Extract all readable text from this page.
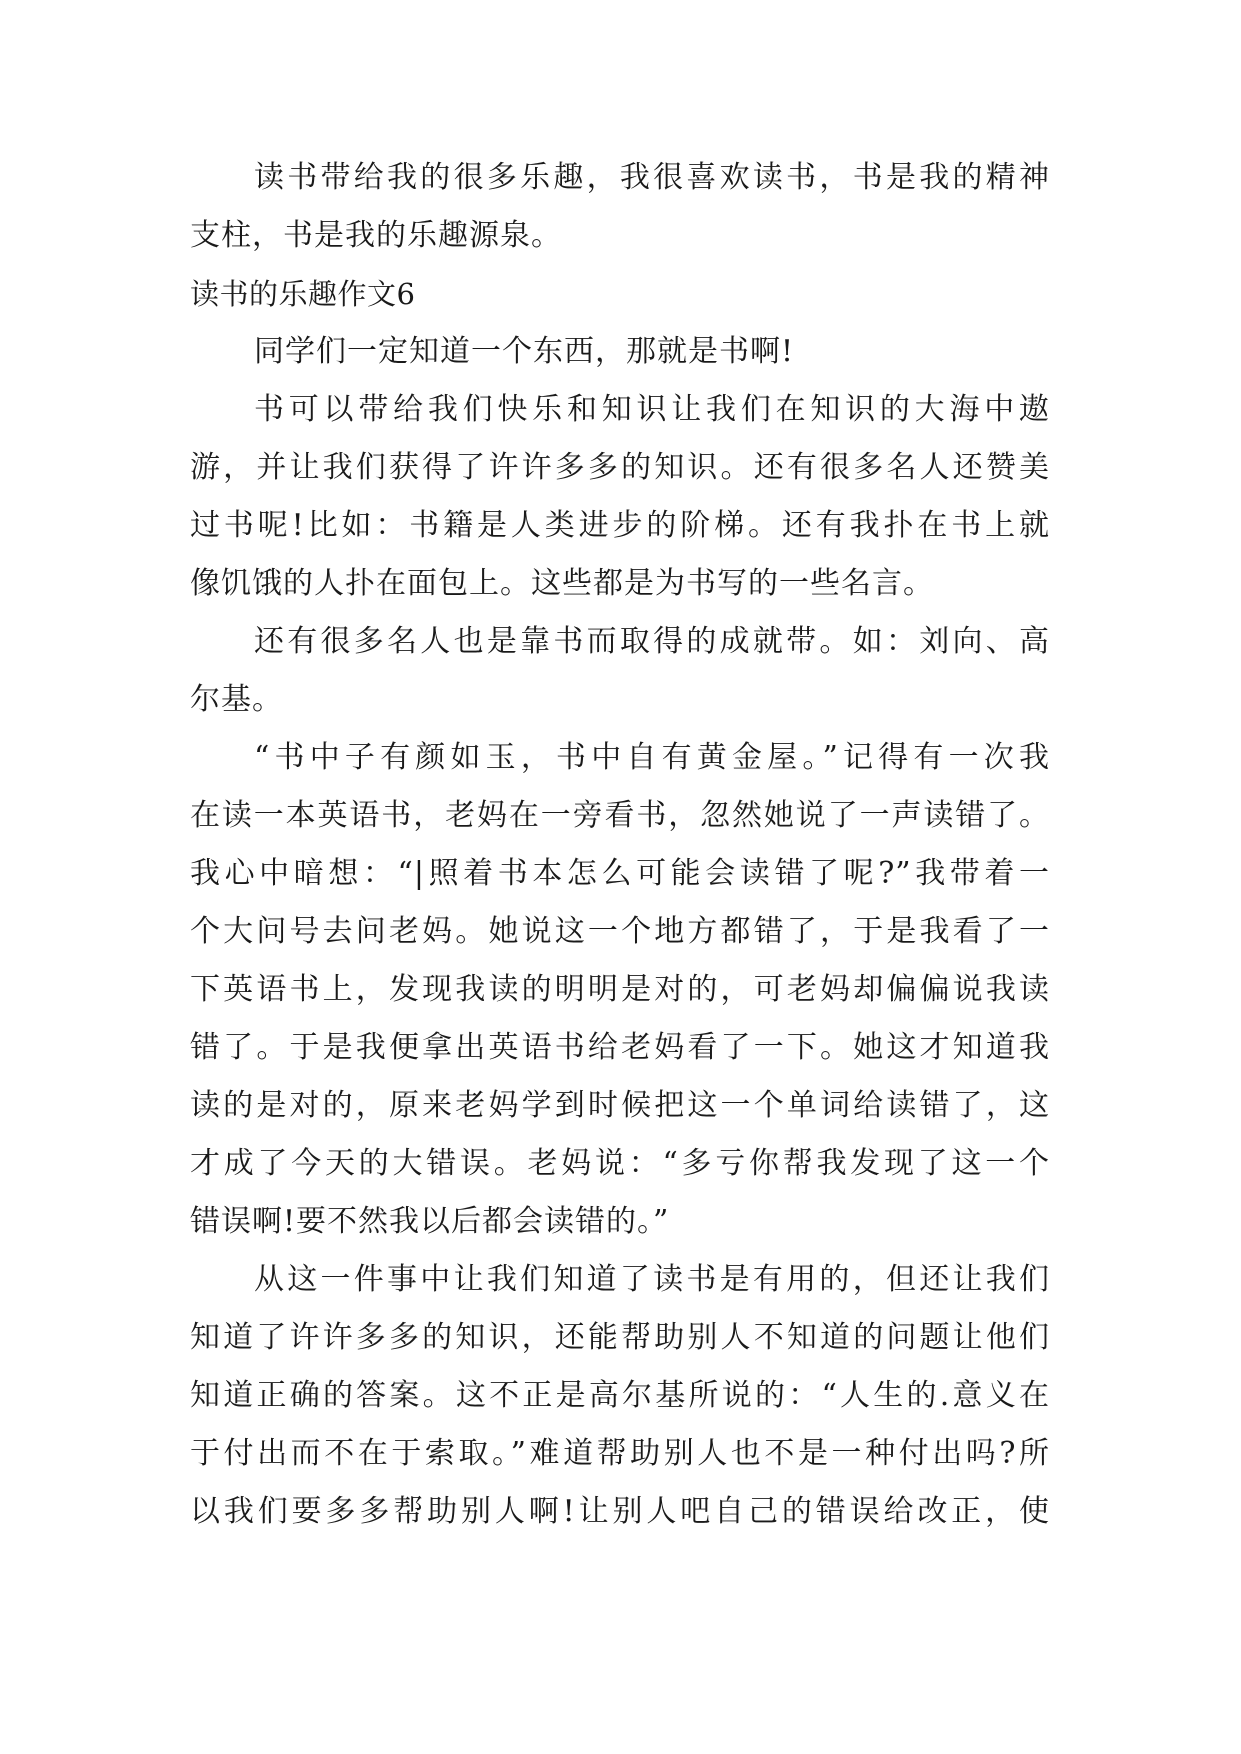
读书带给我的很多乐趣，我很喜欢读书，书是我的精神
支柱，书是我的乐趣源泉。
读书的乐趣作文6
同学们一定知道一个东西，那就是书啊!
书可以带给我们快乐和知识让我们在知识的大海中遨
游，并让我们获得了许许多多的知识。还有很多名人还赞美
过书呢!比如：书籍是人类进步的阶梯。还有我扑在书上就
像饥饿的人扑在面包上。这些都是为书写的一些名言。
还有很多名人也是靠书而取得的成就带。如：刘向、高
尔基。
“书中子有颜如玉，书中自有黄金屋。”记得有一次我
在读一本英语书，老妈在一旁看书，忽然她说了一声读错了。
我心中暗想：“|照着书本怎么可能会读错了呢?”我带着一
个大问号去问老妈。她说这一个地方都错了，于是我看了一
下英语书上，发现我读的明明是对的，可老妈却偏偏说我读
错了。于是我便拿出英语书给老妈看了一下。她这才知道我
读的是对的，原来老妈学到时候把这一个单词给读错了，这
才成了今天的大错误。老妈说：“多亏你帮我发现了这一个
错误啊!要不然我以后都会读错的。”
从这一件事中让我们知道了读书是有用的，但还让我们
知道了许许多多的知识，还能帮助别人不知道的问题让他们
知道正确的答案。这不正是高尔基所说的：“人生的.意义在
于付出而不在于索取。”难道帮助别人也不是一种付出吗?所
以我们要多多帮助别人啊!让别人吧自己的错误给改正，使
